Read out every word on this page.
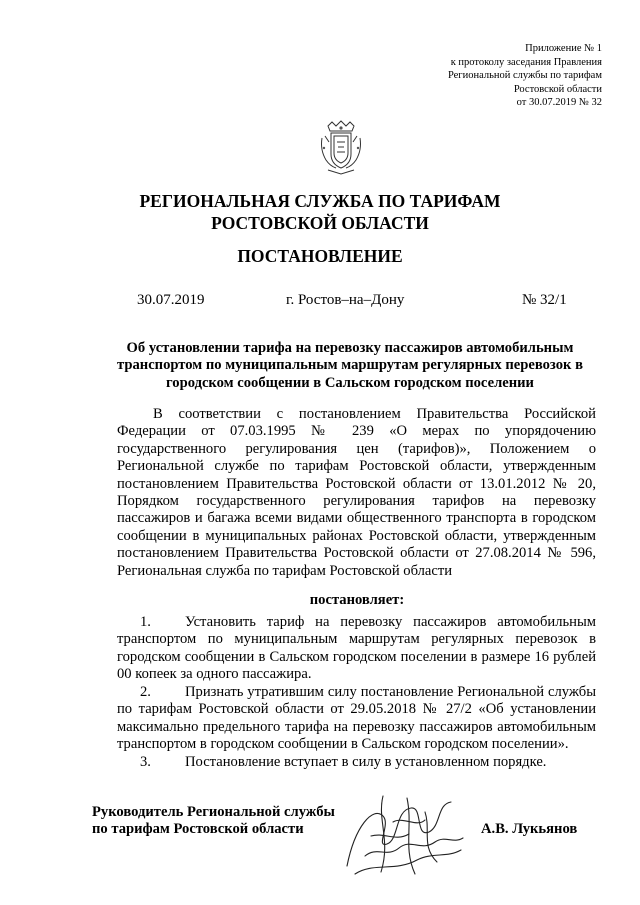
Приложение № 1
к протоколу заседания Правления
Региональной службы по тарифам
Ростовской области
от 30.07.2019 № 32
РЕГИОНАЛЬНАЯ СЛУЖБА ПО ТАРИФАМ
РОСТОВСКОЙ ОБЛАСТИ
ПОСТАНОВЛЕНИЕ
30.07.2019	г. Ростов–на–Дону	№ 32/1
Об установлении тарифа на перевозку пассажиров автомобильным транспортом по муниципальным маршрутам регулярных перевозок в городском сообщении в Сальском городском поселении
В соответствии с постановлением Правительства Российской Федерации от 07.03.1995 № 239 «О мерах по упорядочению государственного регулирования цен (тарифов)», Положением о Региональной службе по тарифам Ростовской области, утвержденным постановлением Правительства Ростовской области от 13.01.2012 № 20, Порядком государственного регулирования тарифов на перевозку пассажиров и багажа всеми видами общественного транспорта в городском сообщении в муниципальных районах Ростовской области, утвержденным постановлением Правительства Ростовской области от 27.08.2014 № 596, Региональная служба по тарифам Ростовской области
постановляет:
1. Установить тариф на перевозку пассажиров автомобильным транспортом по муниципальным маршрутам регулярных перевозок в городском сообщении в Сальском городском поселении в размере 16 рублей 00 копеек за одного пассажира.
2. Признать утратившим силу постановление Региональной службы по тарифам Ростовской области от 29.05.2018 № 27/2 «Об установлении максимально предельного тарифа на перевозку пассажиров автомобильным транспортом в городском сообщении в Сальском городском поселении».
3. Постановление вступает в силу в установленном порядке.
Руководитель Региональной службы
по тарифам Ростовской области	А.В. Лукьянов
